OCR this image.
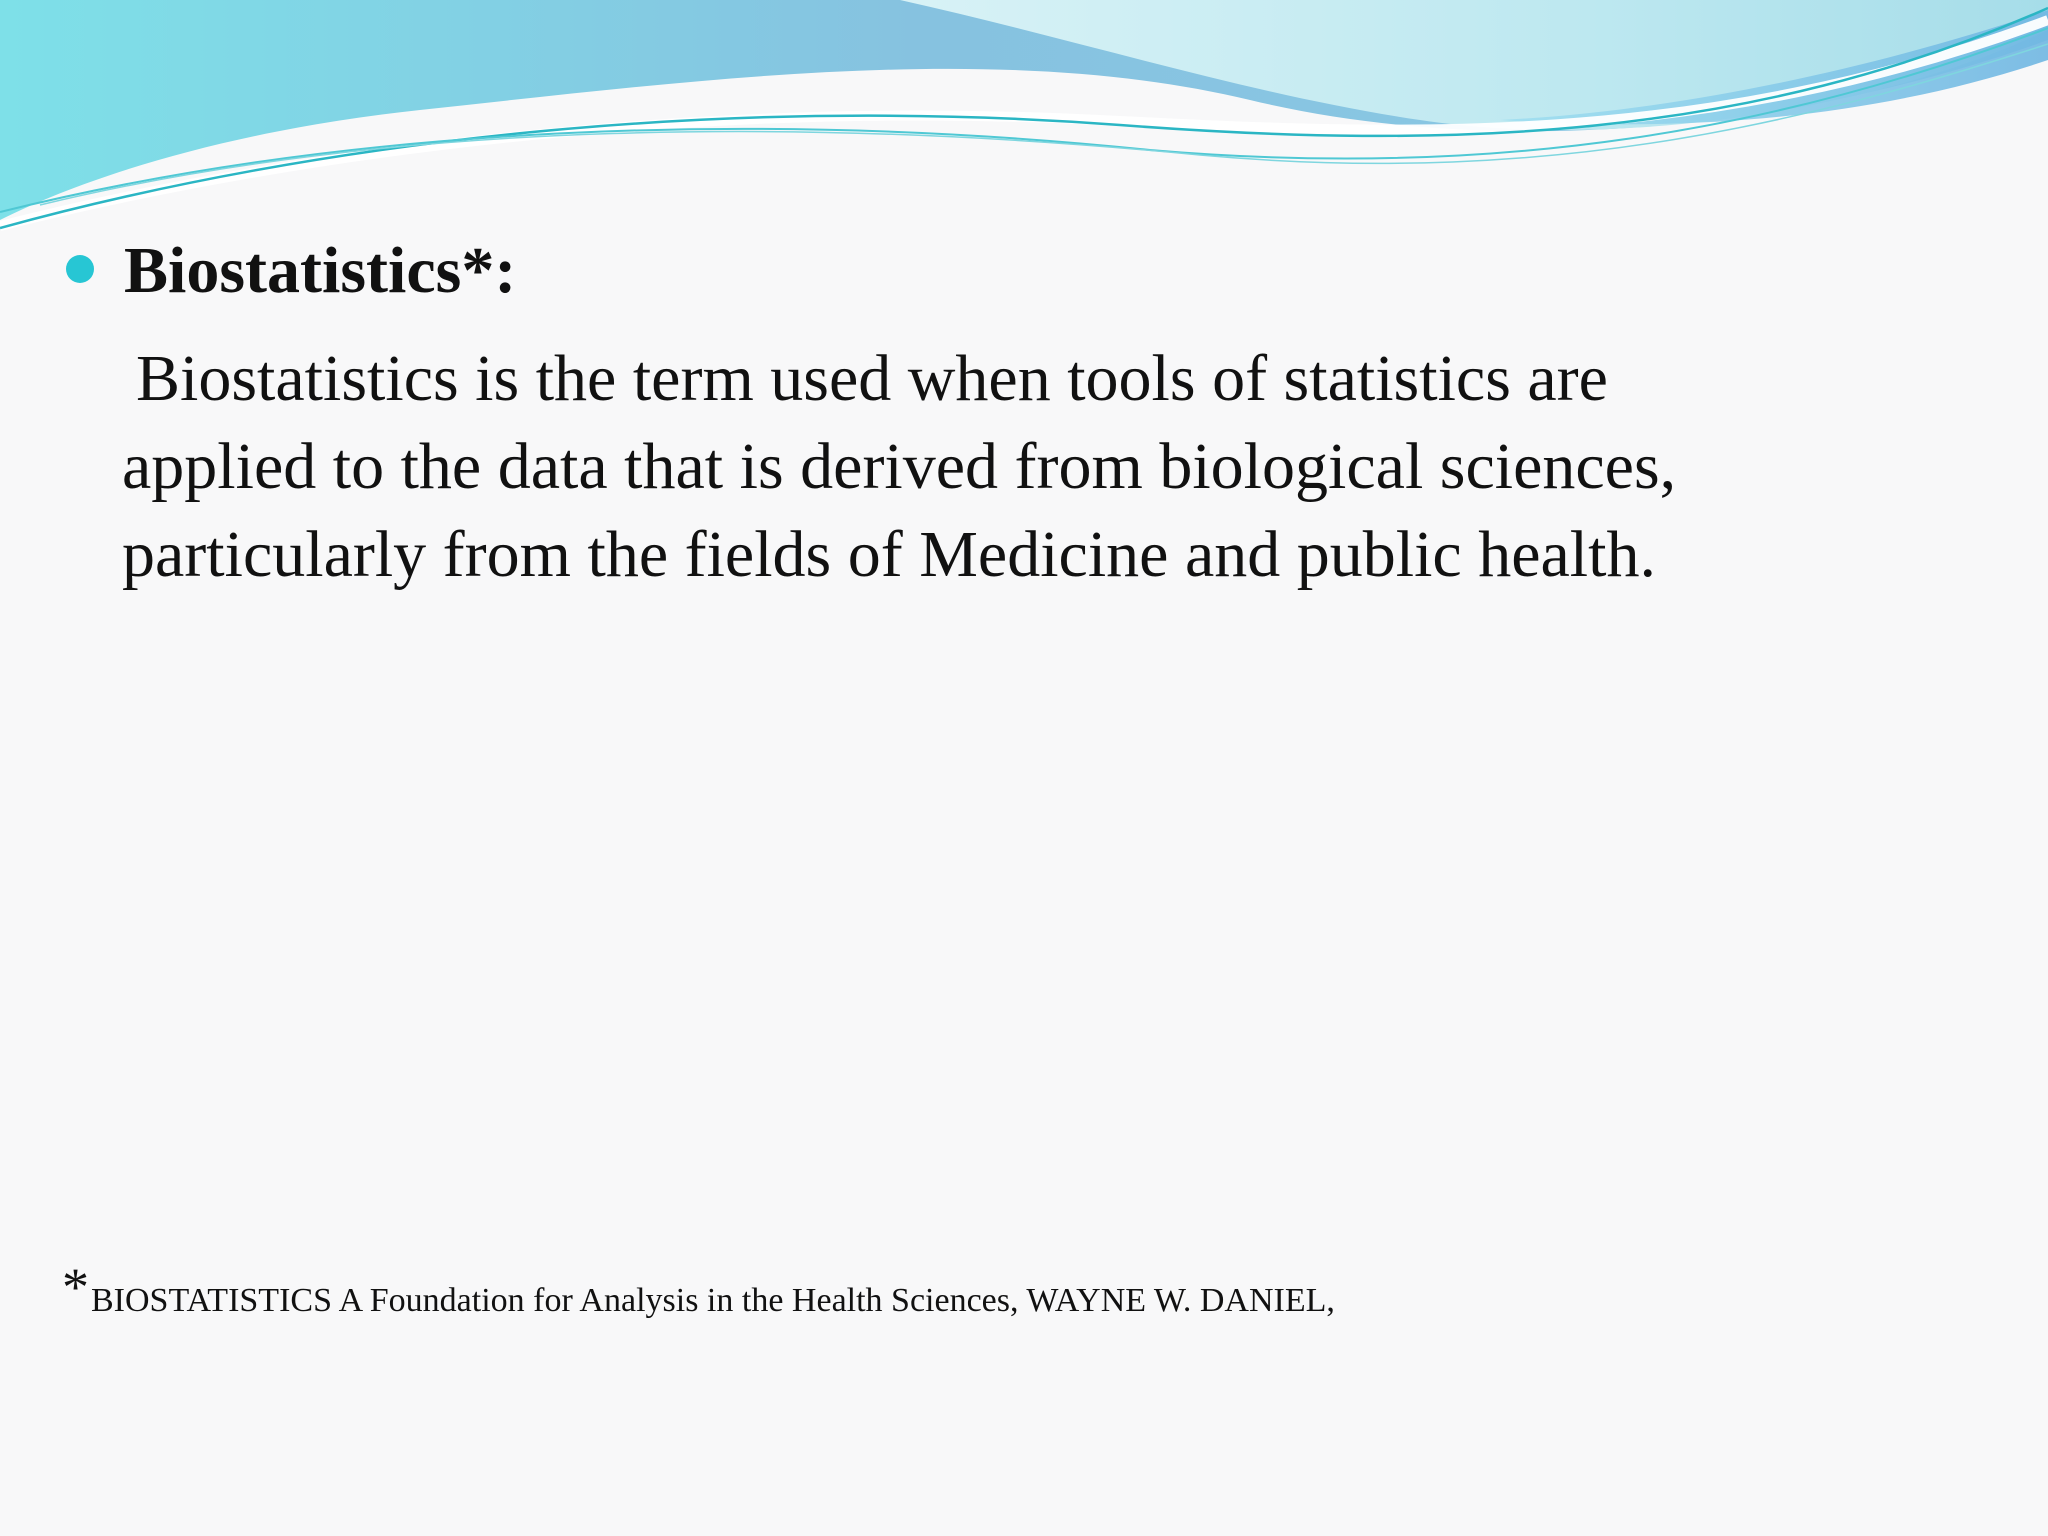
Biostatistics*:
Biostatistics is the term used when tools of statistics are
applied to the data that is derived from biological sciences,
particularly from the fields of Medicine and public health.
*BIOSTATISTICS A Foundation for Analysis in the Health Sciences, WAYNE W. DANIEL,
